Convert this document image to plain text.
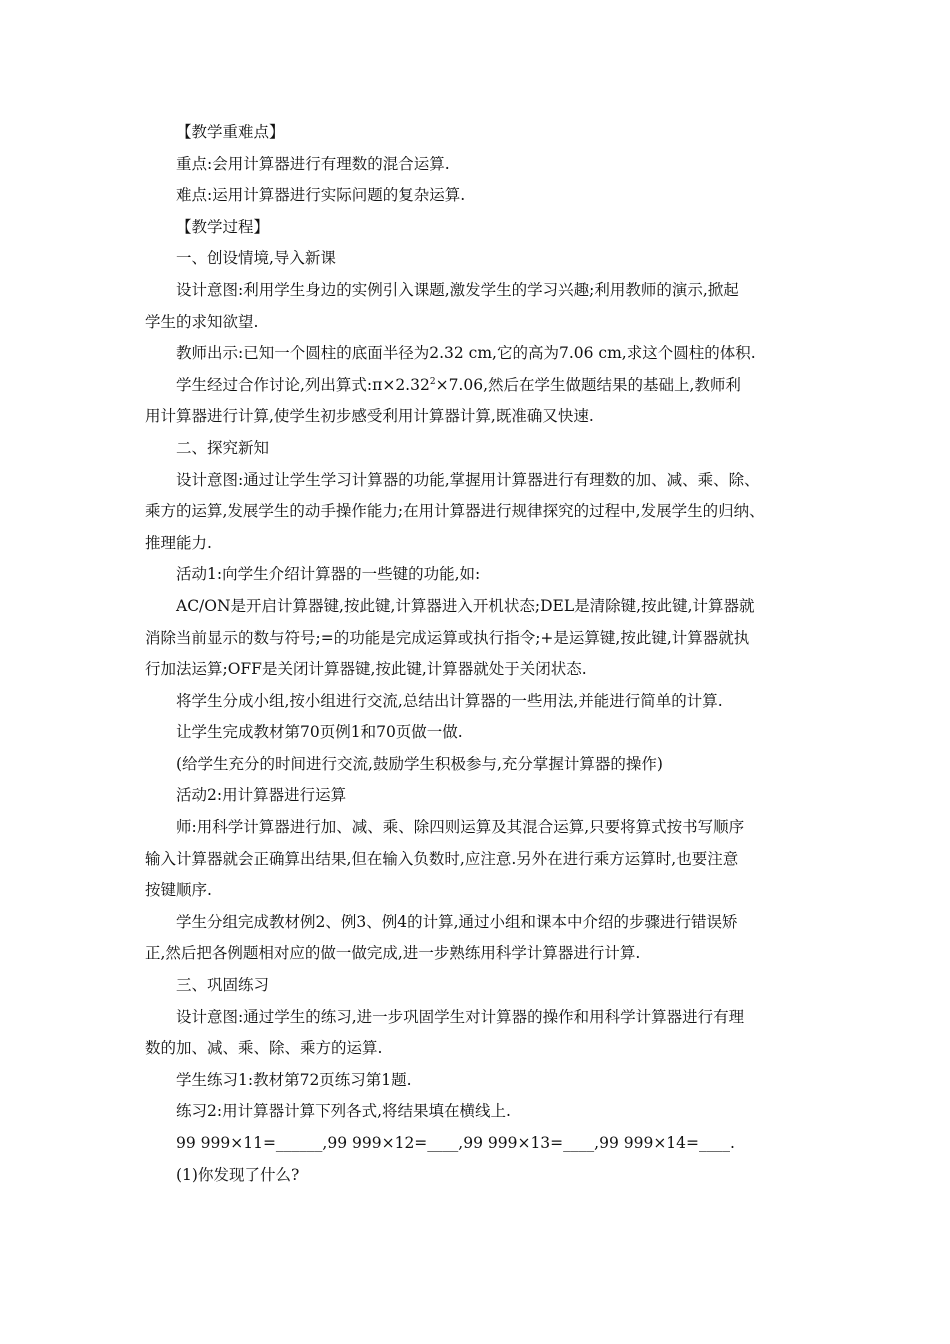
【教学重难点】
重点:会用计算器进行有理数的混合运算.
难点:运用计算器进行实际问题的复杂运算.
【教学过程】
一、创设情境,导入新课
设计意图:利用学生身边的实例引入课题,激发学生的学习兴趣;利用教师的演示,掀起
学生的求知欲望.
教师出示:已知一个圆柱的底面半径为2.32 cm,它的高为7.06 cm,求这个圆柱的体积.
学生经过合作讨论,列出算式$:\pi\times 2.32^2\times 7.06$,然后在学生做题结果的基础上,教师利
用计算器进行计算,使学生初步感受利用计算器计算,既准确又快速.
二、探究新知
设计意图:通过让学生学习计算器的功能,掌握用计算器进行有理数的加、减、乘、除、
乘方的运算,发展学生的动手操作能力;在用计算器进行规律探究的过程中,发展学生的归纳、
推理能力.
活动1:向学生介绍计算器的一些键的功能,如:
AC/ON是开启计算器键,按此键,计算器进入开机状态;DEL是清除键,按此键,计算器就
消除当前显示的数与符号;=的功能是完成运算或执行指令;+是运算键,按此键,计算器就执
行加法运算;OFF是关闭计算器键,按此键,计算器就处于关闭状态.
将学生分成小组,按小组进行交流,总结出计算器的一些用法,并能进行简单的计算.
让学生完成教材第70页例1和70页做一做.
(给学生充分的时间进行交流,鼓励学生积极参与,充分掌握计算器的操作)
活动2:用计算器进行运算
师:用科学计算器进行加、减、乘、除四则运算及其混合运算,只要将算式按书写顺序
输入计算器就会正确算出结果,但在输入负数时,应注意.另外在进行乘方运算时,也要注意
按键顺序.
学生分组完成教材例2、例3、例4的计算,通过小组和课本中介绍的步骤进行错误矫
正,然后把各例题相对应的做一做完成,进一步熟练用科学计算器进行计算.
三、巩固练习
设计意图:通过学生的练习,进一步巩固学生对计算器的操作和用科学计算器进行有理
数的加、减、乘、除、乘方的运算.
学生练习1:教材第72页练习第1题.
练习2:用计算器计算下列各式,将结果填在横线上.
99 999×11=______,99 999×12=____,99 999×13=____,99 999×14=____.
(1)你发现了什么?
